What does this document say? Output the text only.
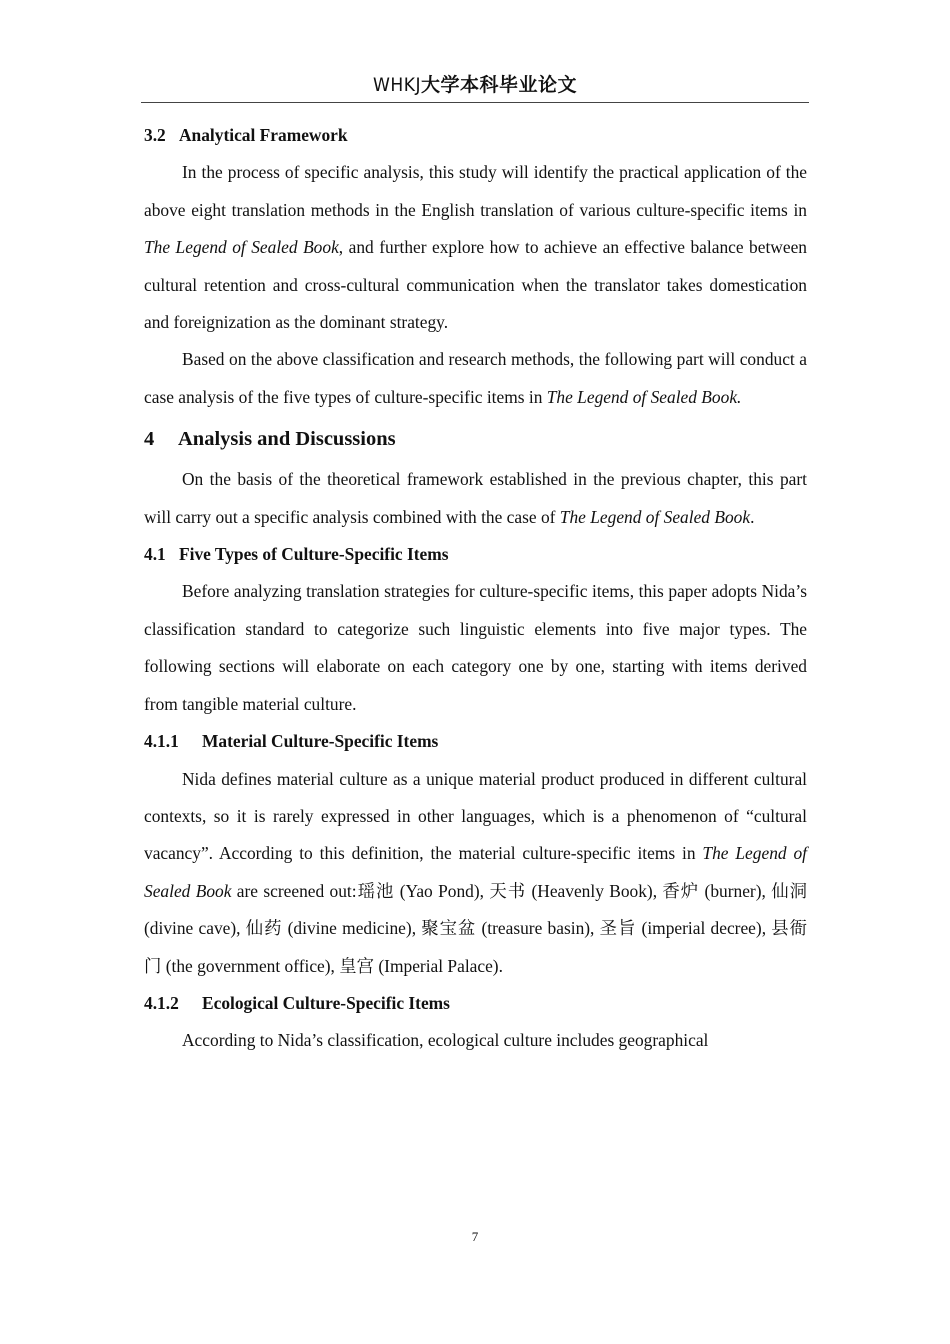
WHKJ大学本科毕业论文
3.2 Analytical Framework

In the process of specific analysis, this study will identify the practical application of the above eight translation methods in the English translation of various culture-specific items in The Legend of Sealed Book, and further explore how to achieve an effective balance between cultural retention and cross-cultural communication when the translator takes domestication and foreignization as the dominant strategy.

Based on the above classification and research methods, the following part will conduct a case analysis of the five types of culture-specific items in The Legend of Sealed Book.

4 Analysis and Discussions

On the basis of the theoretical framework established in the previous chapter, this part will carry out a specific analysis combined with the case of The Legend of Sealed Book.

4.1 Five Types of Culture-Specific Items

Before analyzing translation strategies for culture-specific items, this paper adopts Nida’s classification standard to categorize such linguistic elements into five major types. The following sections will elaborate on each category one by one, starting with items derived from tangible material culture.

4.1.1 Material Culture-Specific Items

Nida defines material culture as a unique material product produced in different cultural contexts, so it is rarely expressed in other languages, which is a phenomenon of “cultural vacancy”. According to this definition, the material culture-specific items in The Legend of Sealed Book are screened out:瑶池 (Yao Pond), 天书 (Heavenly Book), 香炉 (burner), 仙洞 (divine cave), 仙药 (divine medicine), 聚宝盆 (treasure basin), 圣旨 (imperial decree), 县衙门 (the government office), 皇宫 (Imperial Palace).

4.1.2 Ecological Culture-Specific Items

According to Nida’s classification, ecological culture includes geographical

7
